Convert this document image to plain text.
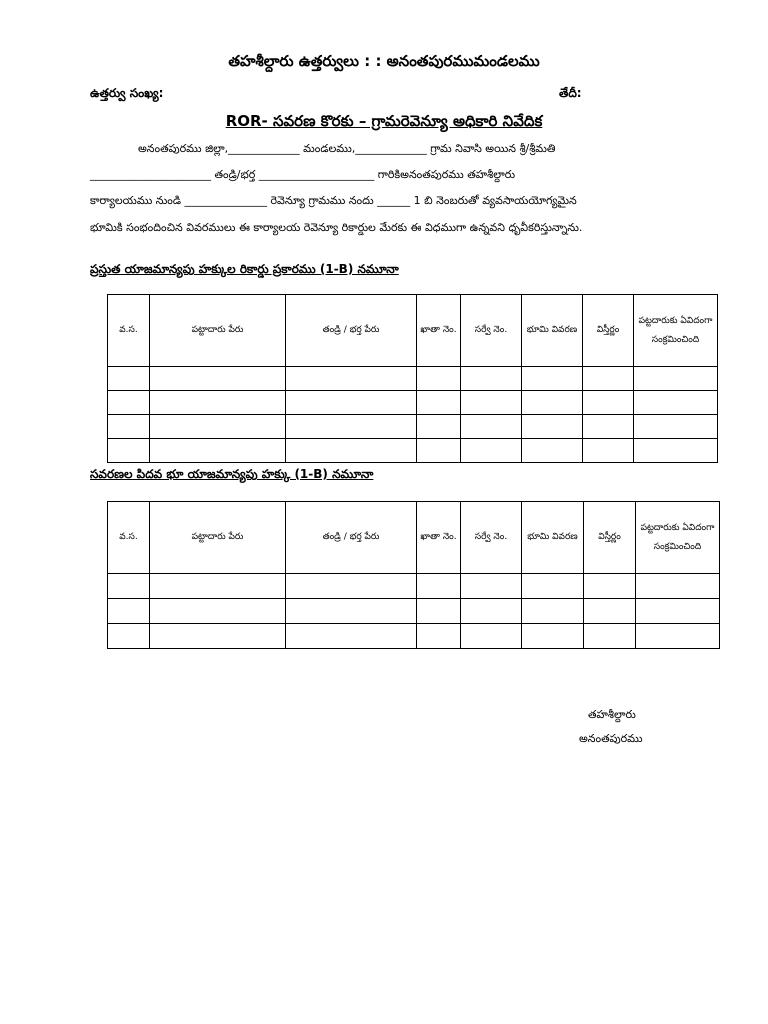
తహశీల్దారు ఉత్తర్వులు : : అనంతపురముమండలము
ఉత్తర్వు సంఖ్య:	తేదీ:
ROR- సవరణ కొరకు – గ్రామరెవెన్యూ అధికారి నివేదిక
అనంతపురము జిల్లా,_____________ మండలము,_____________ గ్రామ నివాసి అయిన శ్రీ/శ్రీమతి
______________________ తండ్రి/భర్త _____________________ గారికిఅనంతపురము తహశీల్దారు
కార్యాలయము నుండి _______________ రెవెన్యూ గ్రామము నందు ______ 1 బి నెంబరుతో వ్యవసాయయోగ్యమైన
భూమికి సంభందించిన వివరములు ఈ కార్యాలయ రెవెన్యూ రికార్డుల మేరకు ఈ విధముగా ఉన్నవని ధృవీకరిస్తున్నాను.
ప్రస్తుత యాజమాన్యపు హక్కుల రికార్డు ప్రకారము (1-B) నమూనా
వ.స.	పట్టాదారు పేరు	తండ్రి / భర్త పేరు	ఖాతా నెం.	సర్వే నెం.	భూమి వివరణ	విస్తీర్ణం	పట్టదారుకు ఏవిదంగా సంక్రమించింది

సవరణల పిదవ భూ యాజమాన్యపు హక్కు (1-B) నమూనా
వ.స.	పట్టాదారు పేరు	తండ్రి / భర్త పేరు	ఖాతా నెం.	సర్వే నెం.	భూమి వివరణ	విస్తీర్ణం	పట్టదారుకు ఏవిదంగా సంక్రమించింది

తహశీల్దారు
అనంతపురము
